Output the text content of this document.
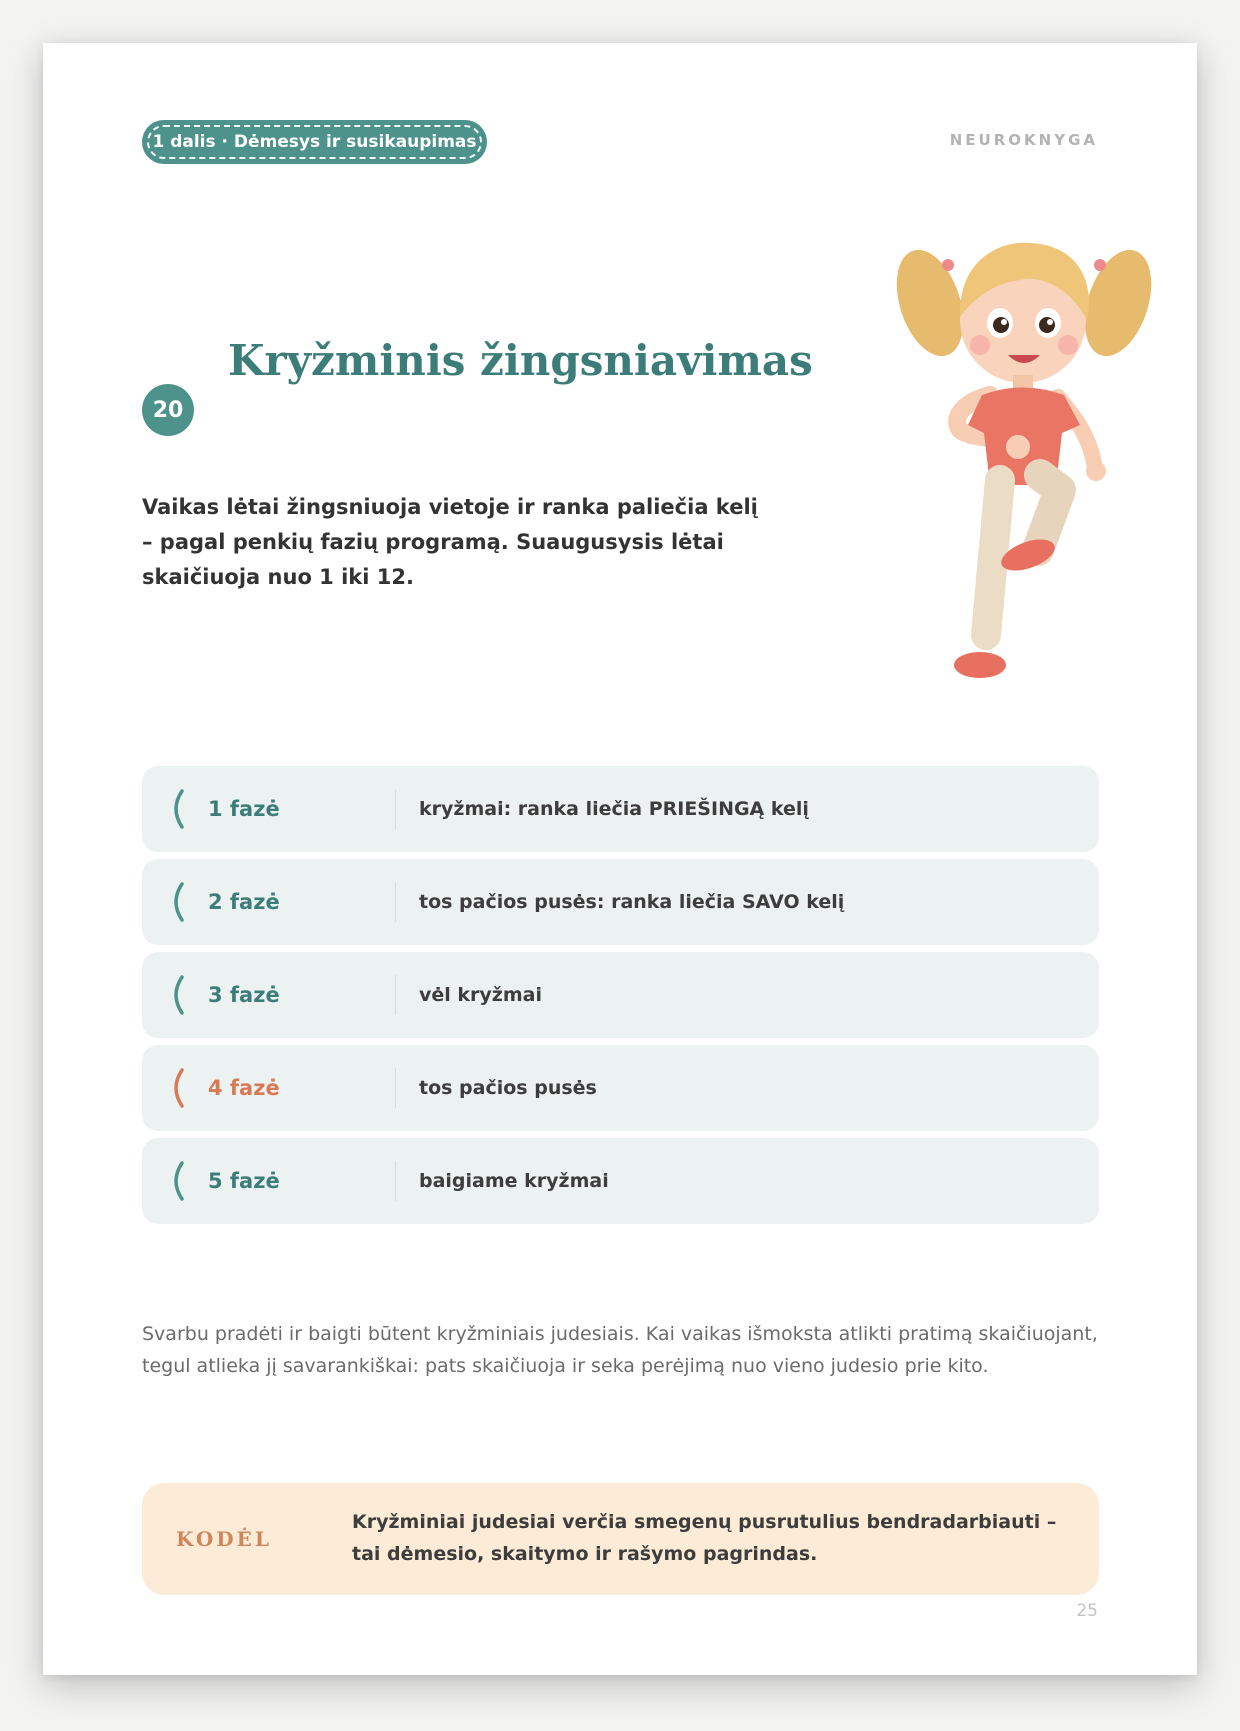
1 dalis · Dėmesys ir susikaupimas	NEUROKNYGA
Kryžminis žingsniavimas
20

Vaikas lėtai žingsniuoja vietoje ir ranka paliečia kelį – pagal penkių fazių programą. Suaugusysis lėtai skaičiuoja nuo 1 iki 12.

1 fazė	kryžmai: ranka liečia PRIEŠINGĄ kelį
2 fazė	tos pačios pusės: ranka liečia SAVO kelį
3 fazė	vėl kryžmai
4 fazė	tos pačios pusės
5 fazė	baigiame kryžmai

Svarbu pradėti ir baigti būtent kryžminiais judesiais. Kai vaikas išmoksta atlikti pratimą skaičiuojant, tegul atlieka jį savarankiškai: pats skaičiuoja ir seka perėjimą nuo vieno judesio prie kito.

KODĖL

Kryžminiai judesiai verčia smegenų pusrutulius bendradarbiauti – tai dėmesio, skaitymo ir rašymo pagrindas.

25
